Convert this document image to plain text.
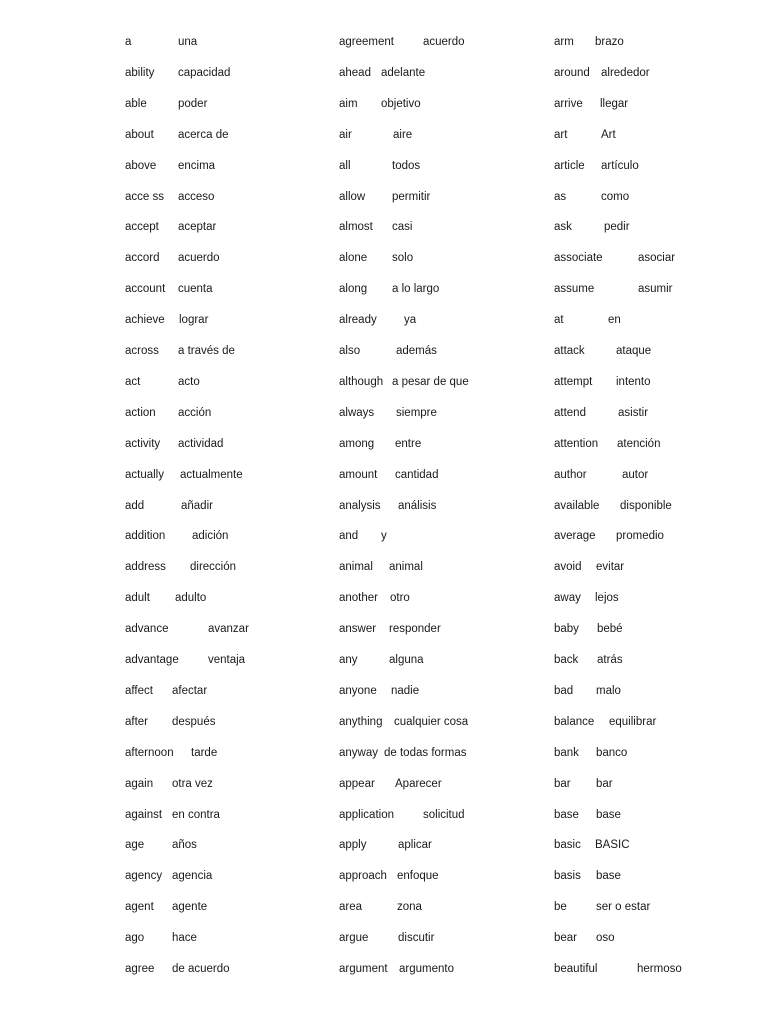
a	una
ability capacidad
able	poder
about acerca de
above encima
acce ss acceso
accept aceptar
accord acuerdo
account cuenta
achieve lograr
across a través de
act	acto
action acción
activity actividad
actually actualmente
add	añadir
addition adición
address dirección
adult adulto
advance	avanzar
advantage	ventaja
affect afectar
after después
afternoon tarde
again otra vez
against en contra
age años
agency agencia
agent agente
ago hace
agree de acuerdo
agreement	acuerdo
ahead adelante
aim objetivo
air	aire
all	todos
allow permitir
almost casi
alone solo
along a lo largo
already ya
also	además
although a pesar de que
always siempre
among entre
amount cantidad
analysis análisis
and y
animal animal
another otro
answer responder
any	alguna
anyone nadie
anything cualquier cosa
anyway de todas formas
appear Aparecer
application	solicitud
apply	aplicar
approach enfoque
area	zona
argue	discutir
argument argumento
arm brazo
around alrededor
arrive llegar
art	Art
article artículo
as	como
ask	pedir
associate	asociar
assume	asumir
at	en
attack	ataque
attempt intento
attend	asistir
attention atención
author	autor
available disponible
average promedio
avoid evitar
away lejos
baby bebé
back atrás
bad malo
balance equilibrar
bank banco
bar bar
base base
basic BASIC
basis base
be	ser o estar
bear oso
beautiful	hermoso
